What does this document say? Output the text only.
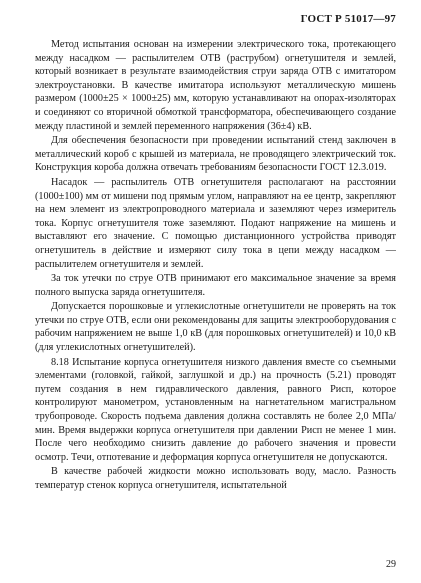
ГОСТ Р 51017—97

Метод испытания основан на измерении электрического тока, протекающего между насадком — распылителем ОТВ (раструбом) огнетушителя и землей, который возникает в результате взаимодействия струи заряда ОТВ с имитатором электроустановки. В качестве имитатора используют металлическую мишень размером (1000±25 × 1000±25) мм, которую устанавливают на опорах-изоляторах и соединяют со вторичной обмоткой трансформатора, обеспечивающего создание между пластиной и землей переменного напряжения (36±4) кВ.

Для обеспечения безопасности при проведении испытаний стенд заключен в металлический короб с крышей из материала, не проводящего электрический ток. Конструкция короба должна отвечать требованиям безопасности ГОСТ 12.3.019.

Насадок — распылитель ОТВ огнетушителя располагают на расстоянии (1000±100) мм от мишени под прямым углом, направляют на ее центр, закрепляют на нем элемент из электропроводного материала и заземляют через измеритель тока. Корпус огнетушителя тоже заземляют. Подают напряжение на мишень и выставляют его значение. С помощью дистанционного устройства приводят огнетушитель в действие и измеряют силу тока в цепи между насадком — распылителем огнетушителя и землей.

За ток утечки по струе ОТВ принимают его максимальное значение за время полного выпуска заряда огнетушителя.

Допускается порошковые и углекислотные огнетушители не проверять на ток утечки по струе ОТВ, если они рекомендованы для защиты электрооборудования с рабочим напряжением не выше 1,0 кВ (для порошковых огнетушителей) и 10,0 кВ (для углекислотных огнетушителей).

8.18 Испытание корпуса огнетушителя низкого давления вместе со съемными элементами (головкой, гайкой, заглушкой и др.) на прочность (5.21) проводят путем создания в нем гидравлического давления, равного Pисп, которое контролируют манометром, установленным на нагнетательном магистральном трубопроводе. Скорость подъема давления должна составлять не более 2,0 МПа/мин. Время выдержки корпуса огнетушителя при давлении Pисп не менее 1 мин. После чего необходимо снизить давление до рабочего значения и провести осмотр. Течи, отпотевание и деформация корпуса огнетушителя не допускаются.

В качестве рабочей жидкости можно использовать воду, масло. Разность температур стенок корпуса огнетушителя, испытательной

29
